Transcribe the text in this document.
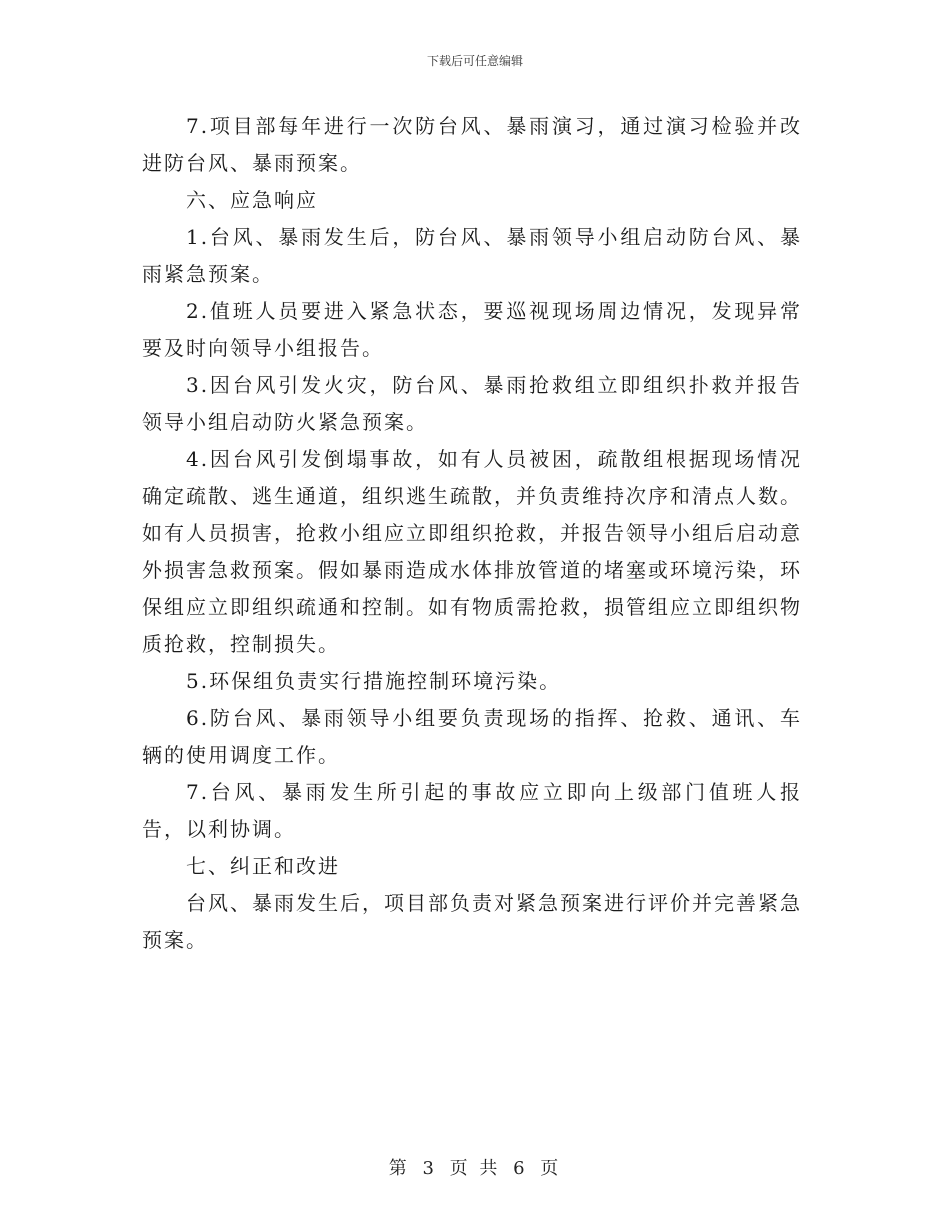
下载后可任意编辑

7.项目部每年进行一次防台风、暴雨演习，通过演习检验并改进防台风、暴雨预案。

六、应急响应

1.台风、暴雨发生后，防台风、暴雨领导小组启动防台风、暴雨紧急预案。

2.值班人员要进入紧急状态，要巡视现场周边情况，发现异常要及时向领导小组报告。

3.因台风引发火灾，防台风、暴雨抢救组立即组织扑救并报告领导小组启动防火紧急预案。

4.因台风引发倒塌事故，如有人员被困，疏散组根据现场情况确定疏散、逃生通道，组织逃生疏散，并负责维持次序和清点人数。如有人员损害，抢救小组应立即组织抢救，并报告领导小组后启动意外损害急救预案。假如暴雨造成水体排放管道的堵塞或环境污染，环保组应立即组织疏通和控制。如有物质需抢救，损管组应立即组织物质抢救，控制损失。

5.环保组负责实行措施控制环境污染。

6.防台风、暴雨领导小组要负责现场的指挥、抢救、通讯、车辆的使用调度工作。

7.台风、暴雨发生所引起的事故应立即向上级部门值班人报告，以利协调。

七、纠正和改进

台风、暴雨发生后，项目部负责对紧急预案进行评价并完善紧急预案。

第 3 页 共 6 页
